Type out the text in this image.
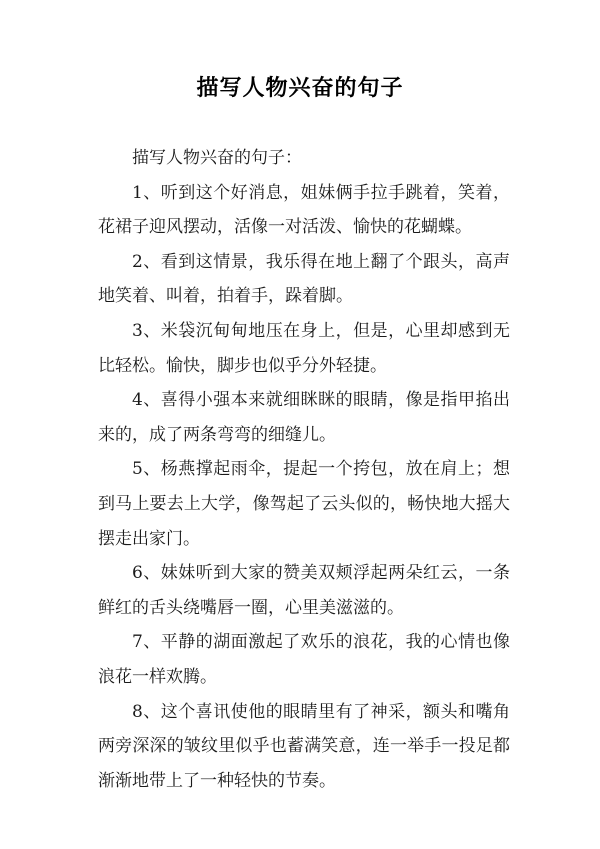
描写人物兴奋的句子

描写人物兴奋的句子：

1、听到这个好消息，姐妹俩手拉手跳着，笑着，花裙子迎风摆动，活像一对活泼、愉快的花蝴蝶。

2、看到这情景，我乐得在地上翻了个跟头，高声地笑着、叫着，拍着手，跺着脚。

3、米袋沉甸甸地压在身上，但是，心里却感到无比轻松。愉快，脚步也似乎分外轻捷。

4、喜得小强本来就细眯眯的眼睛，像是指甲掐出来的，成了两条弯弯的细缝儿。

5、杨燕撑起雨伞，提起一个挎包，放在肩上；想到马上要去上大学，像驾起了云头似的，畅快地大摇大摆走出家门。

6、妹妹听到大家的赞美双颊浮起两朵红云，一条鲜红的舌头绕嘴唇一圈，心里美滋滋的。

7、平静的湖面激起了欢乐的浪花，我的心情也像浪花一样欢腾。

8、这个喜讯使他的眼睛里有了神采，额头和嘴角两旁深深的皱纹里似乎也蓄满笑意，连一举手一投足都渐渐地带上了一种轻快的节奏。
